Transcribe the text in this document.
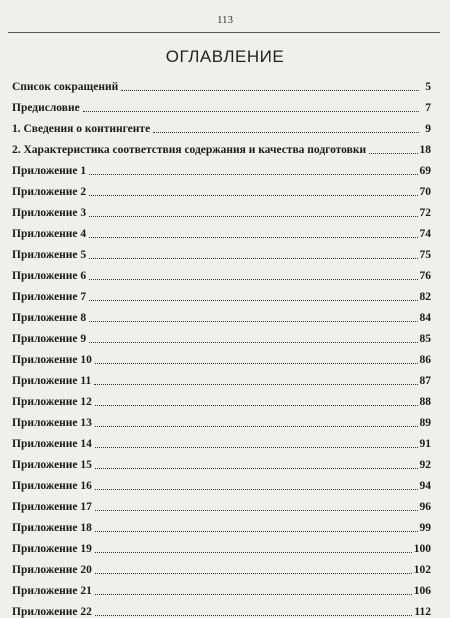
113
ОГЛАВЛЕНИЕ
Список сокращений	5
Предисловие	7
1. Сведения о контингенте	9
2. Характеристика соответствия содержания и качества подготовки	18
Приложение 1	69
Приложение 2	70
Приложение 3	72
Приложение 4	74
Приложение 5	75
Приложение 6	76
Приложение 7	82
Приложение 8	84
Приложение 9	85
Приложение 10	86
Приложение 11	87
Приложение 12	88
Приложение 13	89
Приложение 14	91
Приложение 15	92
Приложение 16	94
Приложение 17	96
Приложение 18	99
Приложение 19	100
Приложение 20	102
Приложение 21	106
Приложение 22	112
